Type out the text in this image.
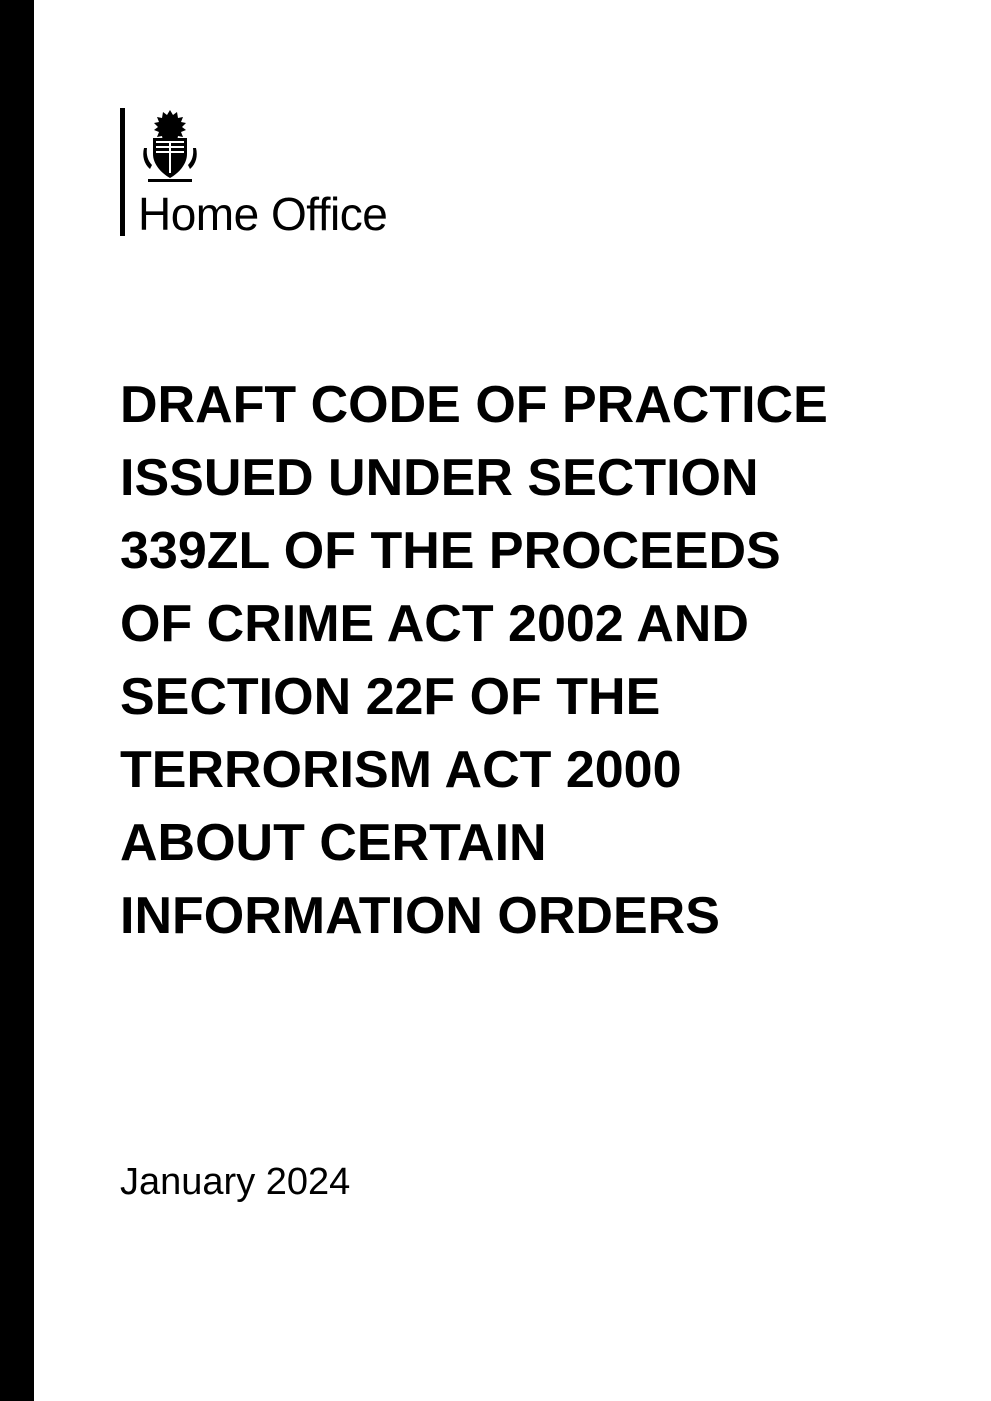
Home Office
DRAFT CODE OF PRACTICE ISSUED UNDER SECTION 339ZL OF THE PROCEEDS OF CRIME ACT 2002 AND SECTION 22F OF THE TERRORISM ACT 2000 ABOUT CERTAIN INFORMATION ORDERS
January 2024
